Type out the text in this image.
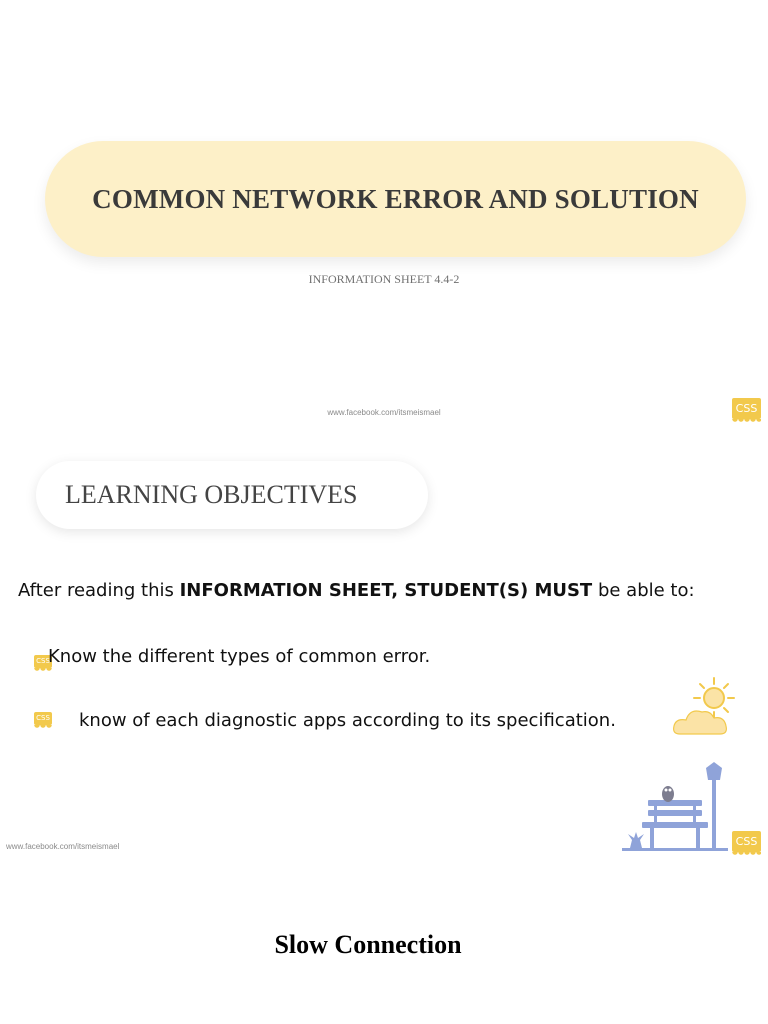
COMMON NETWORK ERROR AND SOLUTION
INFORMATION SHEET 4.4-2
www.facebook.com/itsmeismael	CSS
LEARNING OBJECTIVES
After reading this INFORMATION SHEET, STUDENT(S) MUST be able to:
CSS
Know the different types of common error.
CSS know of each diagnostic apps according to its specification.
CSS
www.facebook.com/itsmeismael
Slow Connection
